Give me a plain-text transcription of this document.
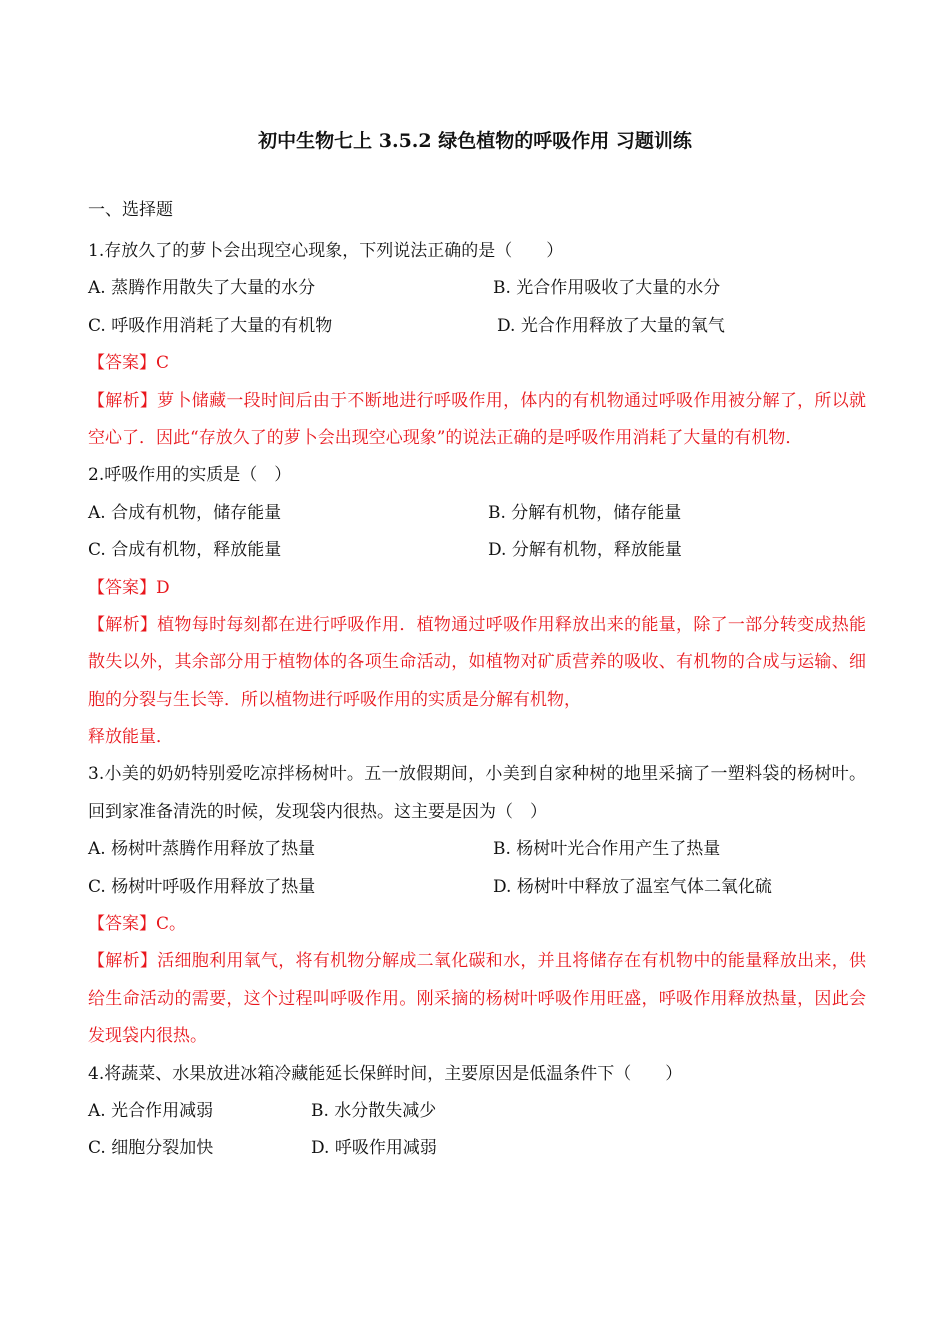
初中生物七上 3.5.2 绿色植物的呼吸作用 习题训练
一、选择题

1.存放久了的萝卜会出现空心现象，下列说法正确的是（　　）

A. 蒸腾作用散失了大量的水分	B. 光合作用吸收了大量的水分
C. 呼吸作用消耗了大量的有机物	D. 光合作用释放了大量的氧气

【答案】C

【解析】萝卜储藏一段时间后由于不断地进行呼吸作用，体内的有机物通过呼吸作用被分解了，所以就空心了．因此“存放久了的萝卜会出现空心现象”的说法正确的是呼吸作用消耗了大量的有机物．

2.呼吸作用的实质是（　）

A. 合成有机物，储存能量	B. 分解有机物，储存能量
C. 合成有机物，释放能量	D. 分解有机物，释放能量

【答案】D

【解析】植物每时每刻都在进行呼吸作用．植物通过呼吸作用释放出来的能量，除了一部分转变成热能散失以外，其余部分用于植物体的各项生命活动，如植物对矿质营养的吸收、有机物的合成与运输、细胞的分裂与生长等．所以植物进行呼吸作用的实质是分解有机物，

释放能量．

3.小美的奶奶特别爱吃凉拌杨树叶。五一放假期间，小美到自家种树的地里采摘了一塑料袋的杨树叶。回到家准备清洗的时候，发现袋内很热。这主要是因为（　）

A. 杨树叶蒸腾作用释放了热量	B. 杨树叶光合作用产生了热量
C. 杨树叶呼吸作用释放了热量	D. 杨树叶中释放了温室气体二氧化硫

【答案】C。

【解析】活细胞利用氧气，将有机物分解成二氧化碳和水，并且将储存在有机物中的能量释放出来，供给生命活动的需要，这个过程叫呼吸作用。刚采摘的杨树叶呼吸作用旺盛，呼吸作用释放热量，因此会发现袋内很热。

4.将蔬菜、水果放进冰箱冷藏能延长保鲜时间，主要原因是低温条件下（　　）

A. 光合作用减弱	B. 水分散失减少
C. 细胞分裂加快	D. 呼吸作用减弱
